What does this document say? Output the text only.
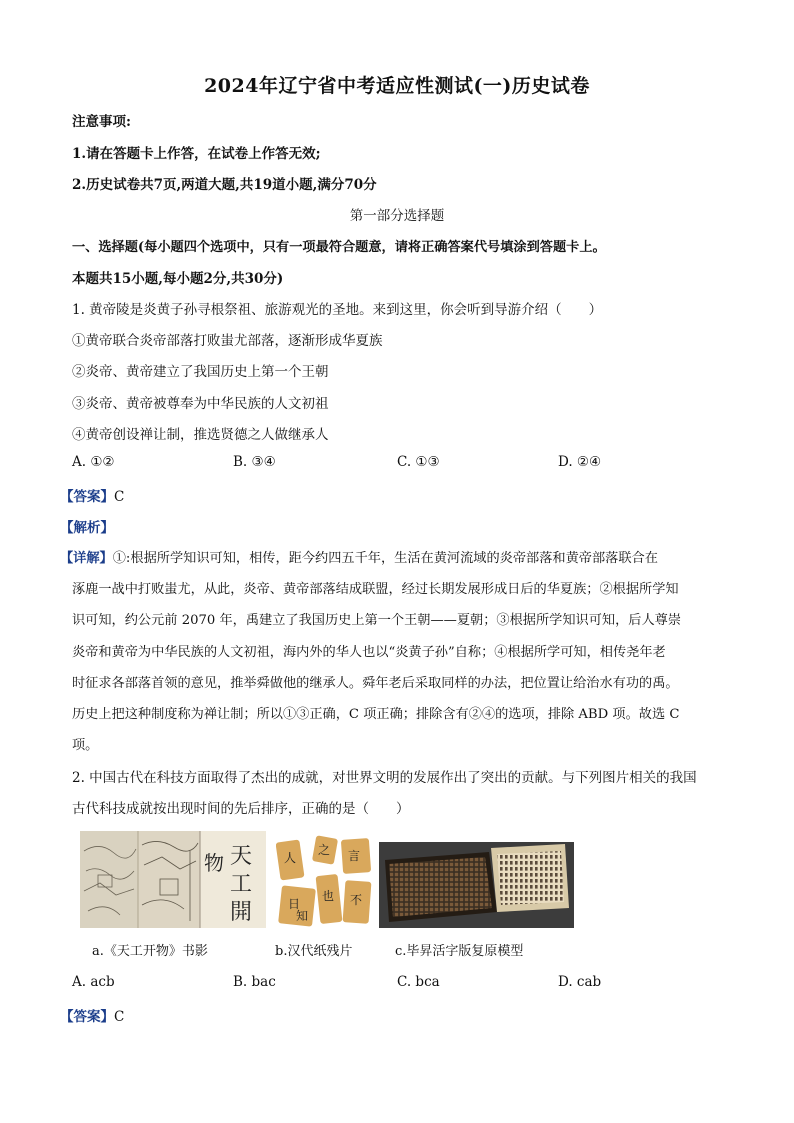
2024年辽宁省中考适应性测试(一)历史试卷
注意事项:
1.请在答题卡上作答，在试卷上作答无效;
2.历史试卷共7页,两道大题,共19道小题,满分70分
第一部分选择题
一、选择题(每小题四个选项中，只有一项最符合题意，请将正确答案代号填涂到答题卡上。
本题共15小题,每小题2分,共30分)
1. 黄帝陵是炎黄子孙寻根祭祖、旅游观光的圣地。来到这里，你会听到导游介绍（　　）
①黄帝联合炎帝部落打败蚩尤部落，逐渐形成华夏族
②炎帝、黄帝建立了我国历史上第一个王朝
③炎帝、黄帝被尊奉为中华民族的人文初祖
④黄帝创设禅让制，推选贤德之人做继承人
A. ①②	B. ③④	C. ①③	D. ②④
【答案】C
【解析】
【详解】①:根据所学知识可知，相传，距今约四五千年，生活在黄河流域的炎帝部落和黄帝部落联合在
涿鹿一战中打败蚩尤，从此，炎帝、黄帝部落结成联盟，经过长期发展形成日后的华夏族；②根据所学知
识可知，约公元前 2070 年，禹建立了我国历史上第一个王朝——夏朝；③根据所学知识可知，后人尊崇
炎帝和黄帝为中华民族的人文初祖，海内外的华人也以“炎黄子孙”自称；④根据所学可知，相传尧年老
时征求各部落首领的意见，推举舜做他的继承人。舜年老后采取同样的办法，把位置让给治水有功的禹。
历史上把这种制度称为禅让制；所以①③正确，C 项正确；排除含有②④的选项，排除 ABD 项。故选 C
项。
2. 中国古代在科技方面取得了杰出的成就，对世界文明的发展作出了突出的贡献。与下列图片相关的我国
古代科技成就按出现时间的先后排序，正确的是（　　）
天
工
開
物	人
之 言
日
也 不
知
a.《天工开物》书影	b.汉代纸残片	c.毕昇活字版复原模型
A. acb	B. bac	C. bca	D. cab
【答案】C
